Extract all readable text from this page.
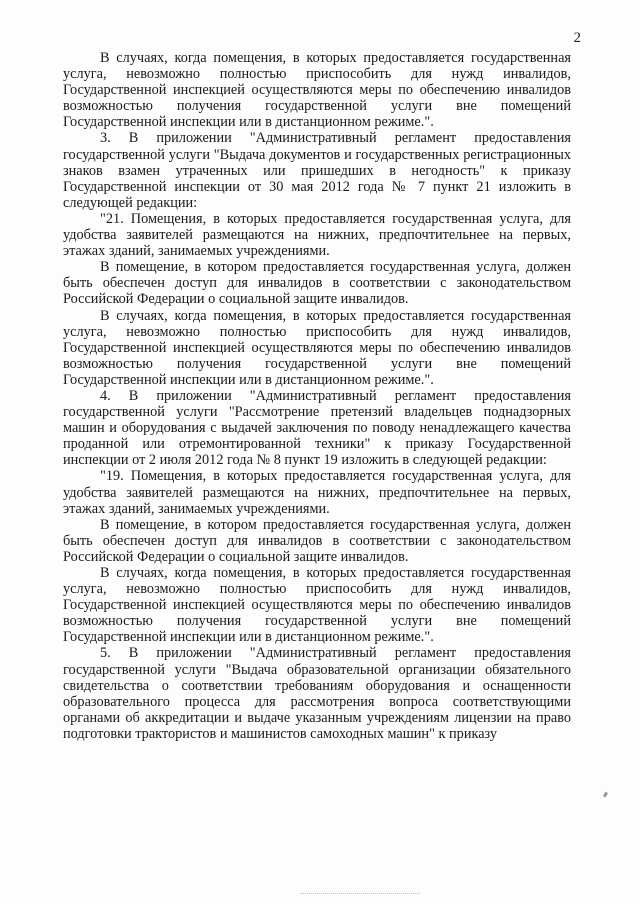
2

В случаях, когда помещения, в которых предоставляется государственная услуга, невозможно полностью приспособить для нужд инвалидов, Государственной инспекцией осуществляются меры по обеспечению инвалидов возможностью получения государственной услуги вне помещений Государственной инспекции или в дистанционном режиме.".

3. В приложении "Административный регламент предоставления государственной услуги "Выдача документов и государственных регистрационных знаков взамен утраченных или пришедших в негодность" к приказу Государственной инспекции от 30 мая 2012 года № 7 пункт 21 изложить в следующей редакции:

"21. Помещения, в которых предоставляется государственная услуга, для удобства заявителей размещаются на нижних, предпочтительнее на первых, этажах зданий, занимаемых учреждениями.

В помещение, в котором предоставляется государственная услуга, должен быть обеспечен доступ для инвалидов в соответствии с законодательством Российской Федерации о социальной защите инвалидов.

В случаях, когда помещения, в которых предоставляется государственная услуга, невозможно полностью приспособить для нужд инвалидов, Государственной инспекцией осуществляются меры по обеспечению инвалидов возможностью получения государственной услуги вне помещений Государственной инспекции или в дистанционном режиме.".

4. В приложении "Административный регламент предоставления государственной услуги "Рассмотрение претензий владельцев поднадзорных машин и оборудования с выдачей заключения по поводу ненадлежащего качества проданной или отремонтированной техники" к приказу Государственной инспекции от 2 июля 2012 года № 8 пункт 19 изложить в следующей редакции:

"19. Помещения, в которых предоставляется государственная услуга, для удобства заявителей размещаются на нижних, предпочтительнее на первых, этажах зданий, занимаемых учреждениями.

В помещение, в котором предоставляется государственная услуга, должен быть обеспечен доступ для инвалидов в соответствии с законодательством Российской Федерации о социальной защите инвалидов.

В случаях, когда помещения, в которых предоставляется государственная услуга, невозможно полностью приспособить для нужд инвалидов, Государственной инспекцией осуществляются меры по обеспечению инвалидов возможностью получения государственной услуги вне помещений Государственной инспекции или в дистанционном режиме.".

5. В приложении "Административный регламент предоставления государственной услуги "Выдача образовательной организации обязательного свидетельства о соответствии требованиям оборудования и оснащенности образовательного процесса для рассмотрения вопроса соответствующими органами об аккредитации и выдаче указанным учреждениям лицензии на право подготовки трактористов и машинистов самоходных машин" к приказу
